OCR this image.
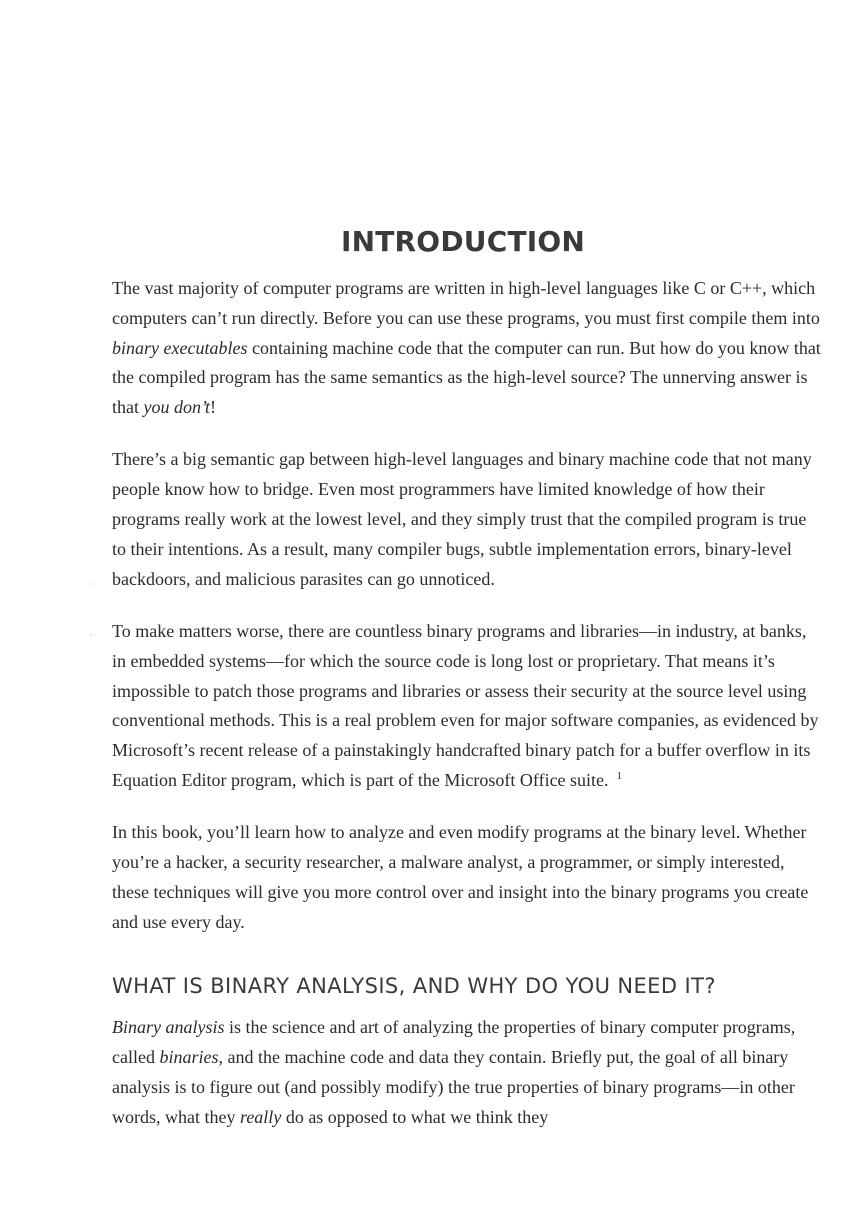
INTRODUCTION

The vast majority of computer programs are written in high-level languages like C or C++, which computers can’t run directly. Before you can use these programs, you must first compile them into binary executables containing machine code that the computer can run. But how do you know that the compiled program has the same semantics as the high-level source? The unnerving answer is that you don’t!

There’s a big semantic gap between high-level languages and binary machine code that not many people know how to bridge. Even most programmers have limited knowledge of how their programs really work at the lowest level, and they simply trust that the compiled program is true to their intentions. As a result, many compiler bugs, subtle implementation errors, binary-level backdoors, and malicious parasites can go unnoticed.

To make matters worse, there are countless binary programs and libraries—in industry, at banks, in embedded systems—for which the source code is long lost or proprietary. That means it’s impossible to patch those programs and libraries or assess their security at the source level using conventional methods. This is a real problem even for major software companies, as evidenced by Microsoft’s recent release of a painstakingly handcrafted binary patch for a buffer overflow in its Equation Editor program, which is part of the Microsoft Office suite. $^1$

In this book, you’ll learn how to analyze and even modify programs at the binary level. Whether you’re a hacker, a security researcher, a malware analyst, a programmer, or simply interested, these techniques will give you more control over and insight into the binary programs you create and use every day.

WHAT IS BINARY ANALYSIS, AND WHY DO YOU NEED IT?

Binary analysis is the science and art of analyzing the properties of binary computer programs, called binaries, and the machine code and data they contain. Briefly put, the goal of all binary analysis is to figure out (and possibly modify) the true properties of binary programs—in other words, what they really do as opposed to what we think they
